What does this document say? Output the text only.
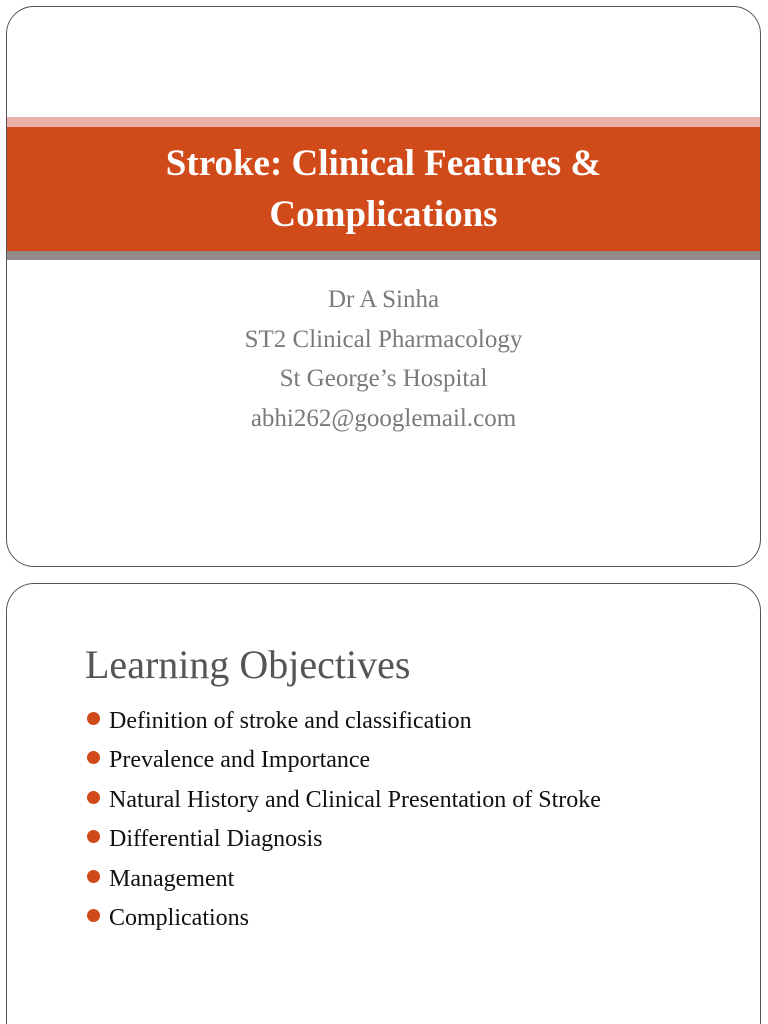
Stroke: Clinical Features &
Complications
Dr A Sinha
ST2 Clinical Pharmacology
St George’s Hospital
abhi262@googlemail.com
Learning Objectives
Definition of stroke and classification
Prevalence and Importance
Natural History and Clinical Presentation of Stroke
Differential Diagnosis
Management
Complications
